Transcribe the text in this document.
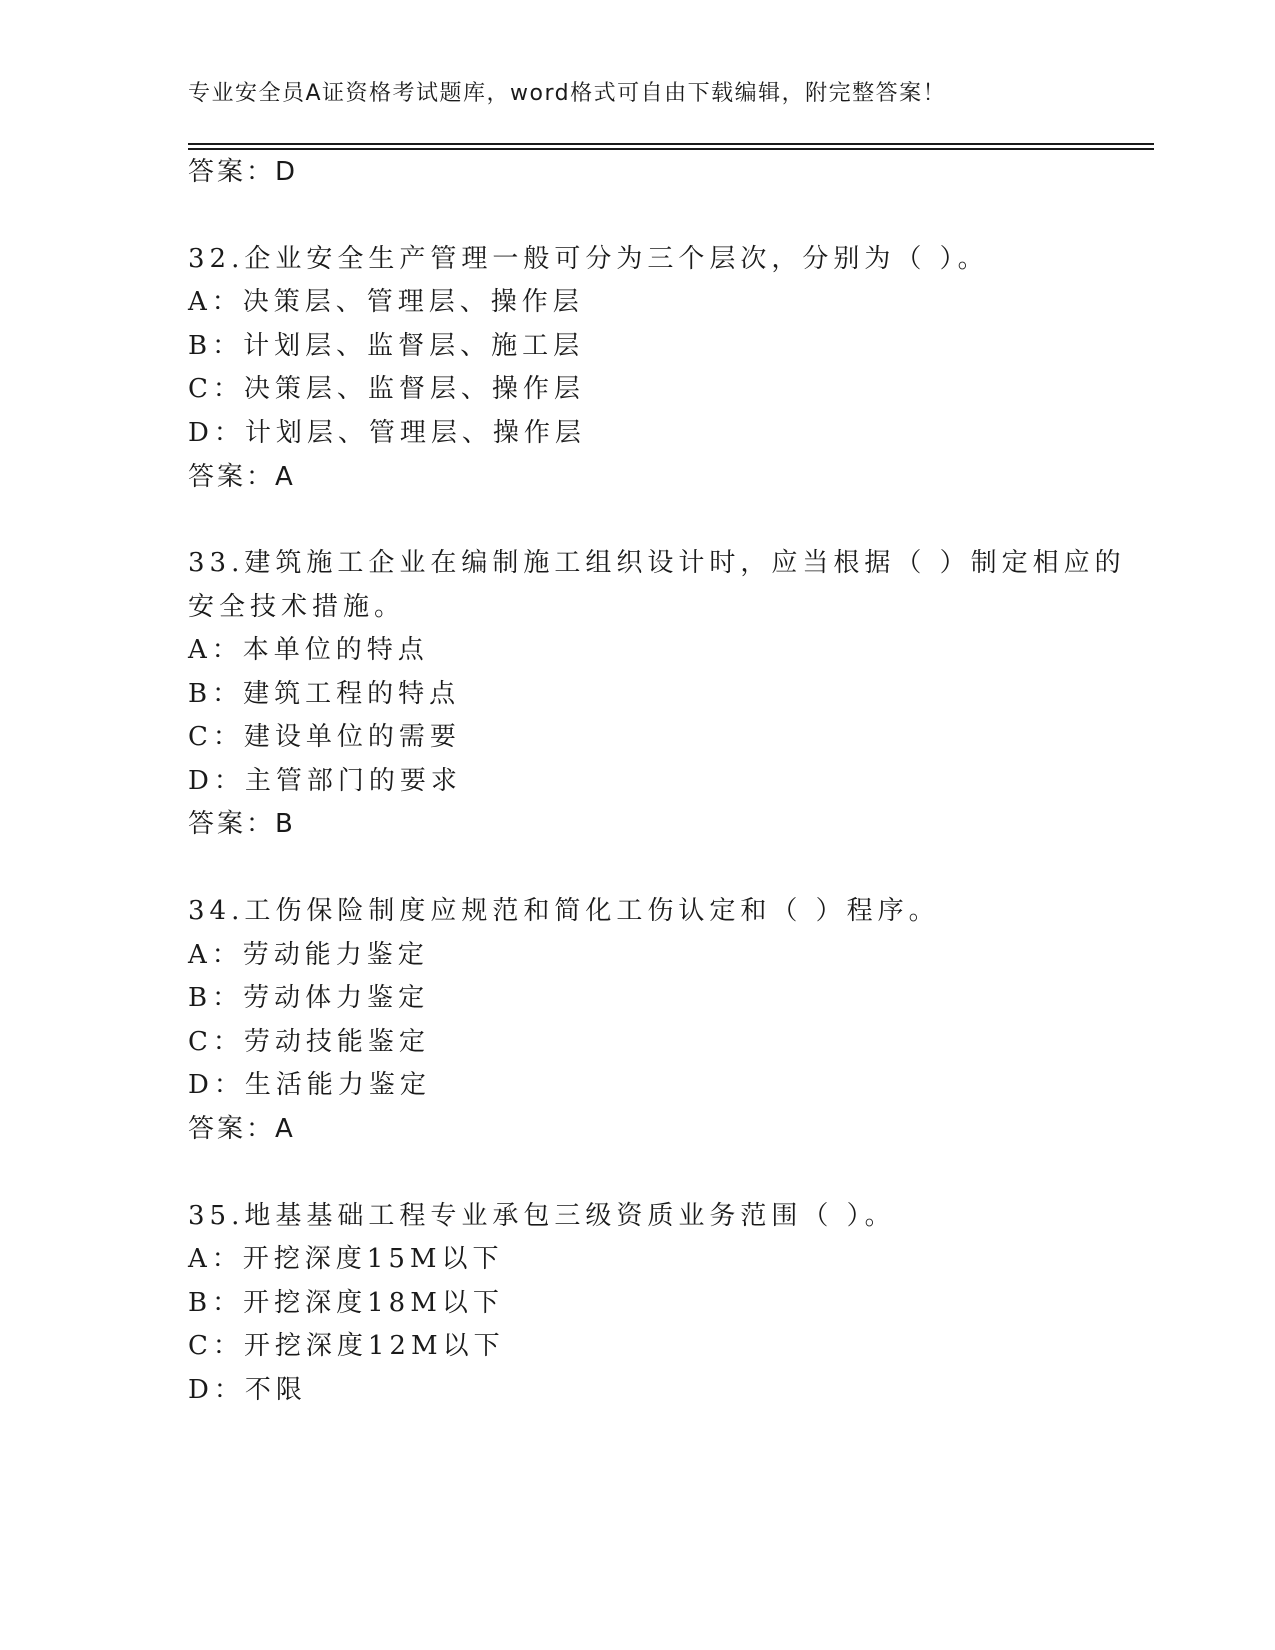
专业安全员A证资格考试题库，word格式可自由下载编辑，附完整答案！
答案：D
32.企业安全生产管理一般可分为三个层次，分别为（ ）。
A：决策层、管理层、操作层
B：计划层、监督层、施工层
C：决策层、监督层、操作层
D：计划层、管理层、操作层
答案：A
33.建筑施工企业在编制施工组织设计时，应当根据（ ）制定相应的
安全技术措施。
A：本单位的特点
B：建筑工程的特点
C：建设单位的需要
D：主管部门的要求
答案：B
34.工伤保险制度应规范和简化工伤认定和（ ）程序。
A：劳动能力鉴定
B：劳动体力鉴定
C：劳动技能鉴定
D：生活能力鉴定
答案：A
35.地基基础工程专业承包三级资质业务范围（ ）。
A：开挖深度15M以下
B：开挖深度18M以下
C：开挖深度12M以下
D：不限
